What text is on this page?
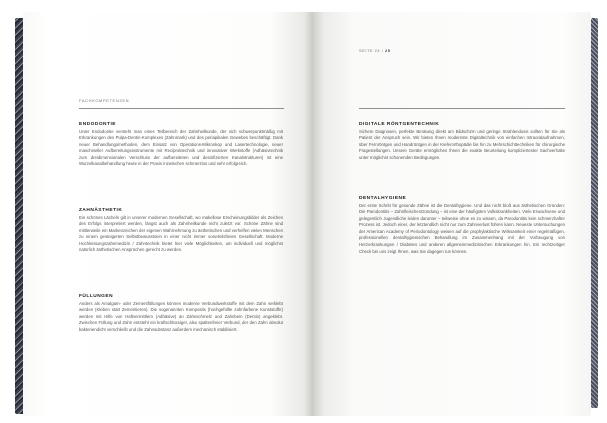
FACHKOMPETENZEN
ENDODONTIE

Unter Endodontie versteht man eines Teilbereich der Zahnheilkunde, der sich schwerpunktmäßig mit Erkrankungen des Pulpa-Dentin-Komplexes (Zahnmark) und des periapikalen Gewebes beschäftigt. Dank neuer Behandlungsmethoden, dem Einsatz von Operations-Mikroskop und Lasertechnologie, neuer maschineller Aufbereitungsinstrumente mit Reciproktechnik und innovativer Werkstoffe (Adhäsivtechnik zum dreidimensionalen Verschluss der aufbereiteten und desinfizierten Kanalstrukturen) ist eine Wurzelkanalbehandlung heute in der Praxis inzwischen schmerzlos und sehr erfolgreich.

ZAHNÄSTHETIK

Ein schönes Lächeln gilt in unserer modernen Gesellschaft, wo makellose Erscheinungsbilder als Zeichen des Erfolgs interpretiert werden, längst auch als Zahnheilkunde nicht zuletzt vor. Schöne Zähne sind mittlerweile ein Markenzeichen der eigenen Wahrnehmung zu ästhetischen und verhelfen vielen Menschen zu einem gesteigerten Selbstbewusstsein in einer nicht immer vorurteilsfreien Gesellschaft. Moderne Hochleistungszahnmedizin / Zahntechnik bietet hier viele Möglichkeiten, um individuell und möglichst natürlich ästhetischen Ansprüchen gerecht zu werden.

FÜLLUNGEN

Anders als Amalgam- oder Zementfüllungen können moderne Verbundwerkstoffe mit dem Zahn verklebt werden (Kleben statt Zementieren). Die sogenannten Komposits (hochgefüllte zahnfarbene Kunststoffe) werden mit Hilfe von Haftvermittlern (Adhäsive) an Zahnschmelz und Zahnbein (Dentin) angeklebt. Zwischen Füllung und Zahn entsteht ein kraftschlüssiger, also spaltenfreier Verbund, der den Zahn absolut bakteriendicht verschließt und die Zahnsubstanz außerdem mechanisch stabilisiert.

SEITE 24 / 25
DIGITALE RÖNTGENTECHNIK

Sichere Diagnosen, perfekte Beratung direkt am Bildschirm und geringe Strahlendosis sollten für Sie als Patient der Anspruch sein. Wir bieten Ihnen modernste Digitaltechnik von einfachen Intraoralaufnahmen, über Fernröntgen und Handröntgen in der Kieferorthopädie bis hin zu Mehrschichttechniken für chirurgische Fragestellungen. Unsere Geräte ermöglichen Ihnen die exakte Beurteilung kompliziertester Sachverhalte unter möglichst schonenden Bedingungen.

DENTALHYGIENE

Der erste Schritt für gesunde Zähne ist die Dentalhygiene. Und das nicht bloß aus ästhetischen Gründen: Die Parodontitis – Zahnfleischentzündung – ist eine der häufigsten Volkskrankheiten. Viele Erwachsene und gelegentlich Jugendliche leiden darunter – teilweise ohne es zu wissen, da Parodontitis kein schmerzhafter Prozess ist. Jedoch einer, der letztendlich nicht nur zum Zahnverlust führen kann. Neueste Untersuchungen der American Academy of Periodontology weisen auf die prophylaktische Wirksamkeit einer regelmäßigen, professionellen dentalhygienischen Behandlung im Zusammenhang mit der Vorbeugung von Herzerkrankungen / Diabetes und anderen allgemeinmedizinischen Erkrankungen hin. Ein rechtzeitiger Check bei uns zeigt Ihnen, was Sie dagegen tun können.
